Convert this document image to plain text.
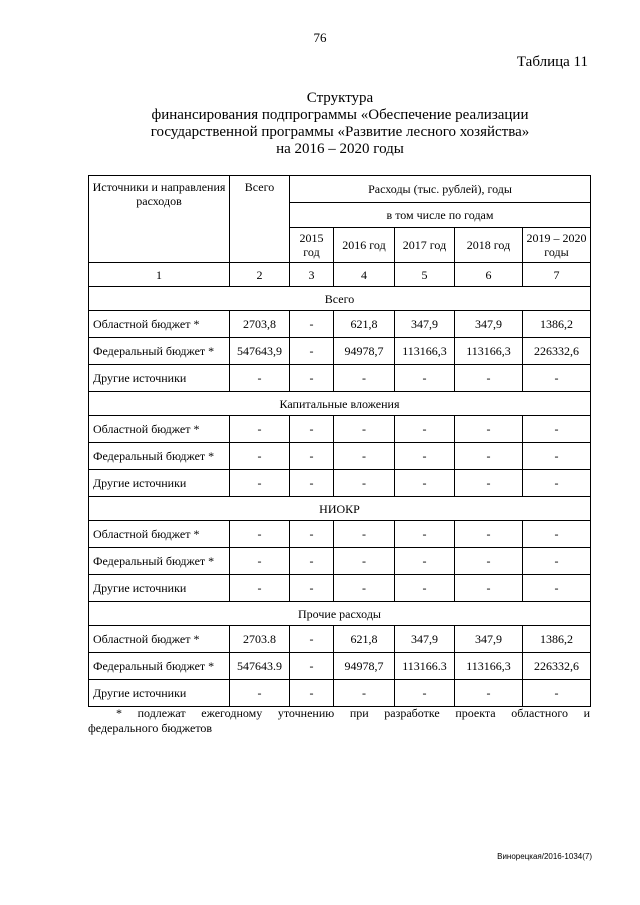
76
Таблица 11
Структура
финансирования подпрограммы «Обеспечение реализации
государственной программы «Развитие лесного хозяйства»
на 2016 – 2020 годы
Источники и направления расходов	Всего	Расходы (тыс. рублей), годы				
		в том числе по годам				
		2015 год	2016 год	2017 год	2018 год	2019 – 2020 годы
1	2	3	4	5	6	7
Всего						
Областной бюджет *	2703,8	-	621,8	347,9	347,9	1386,2
Федеральный бюджет *	547643,9	-	94978,7	113166,3	113166,3	226332,6
Другие источники	-	-	-	-	-	-
Капитальные вложения						
Областной бюджет *	-	-	-	-	-	-
Федеральный бюджет *	-	-	-	-	-	-
Другие источники	-	-	-	-	-	-
НИОКР						
Областной бюджет *	-	-	-	-	-	-
Федеральный бюджет *	-	-	-	-	-	-
Другие источники	-	-	-	-	-	-
Прочие расходы						
Областной бюджет *	2703.8	-	621,8	347,9	347,9	1386,2
Федеральный бюджет *	547643.9	-	94978,7	113166.3	113166,3	226332,6
Другие источники	-	-	-	-	-	-
* подлежат ежегодному уточнению при разработке проекта областного и
федерального бюджетов
Винорецкая/2016-1034(7)
